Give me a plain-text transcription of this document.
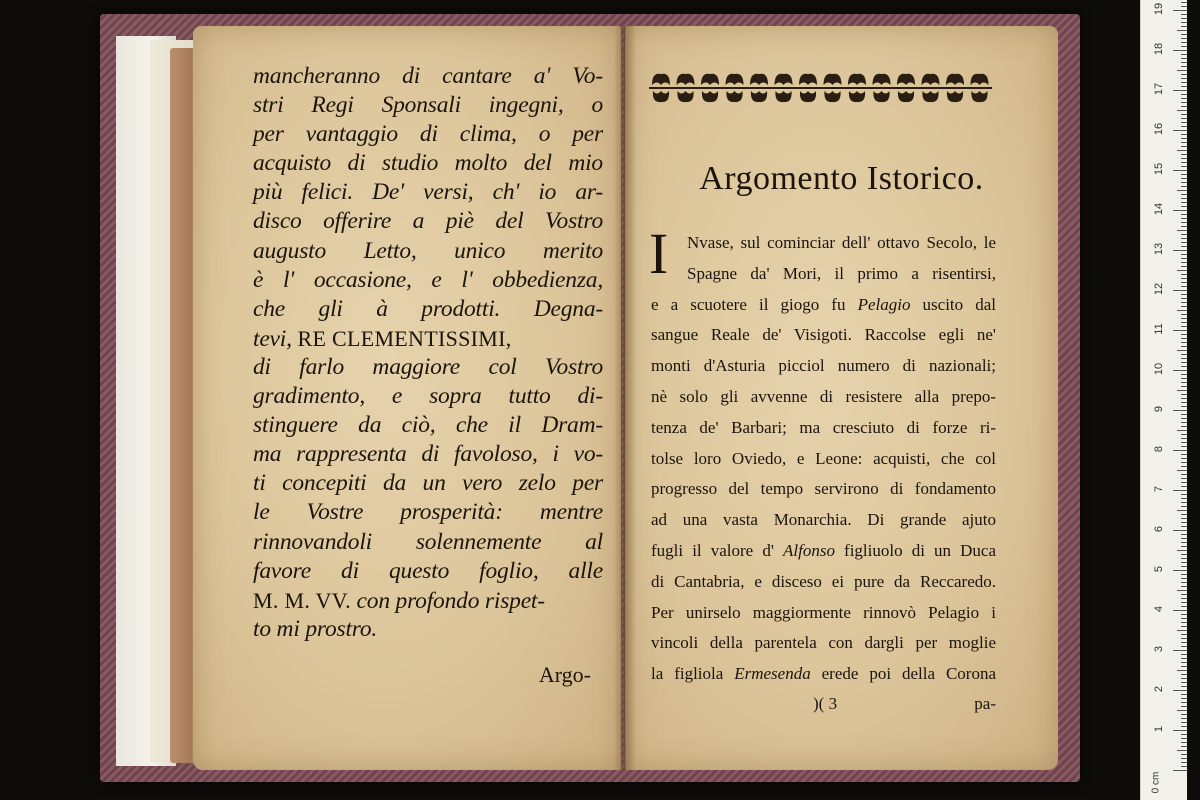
mancheranno di cantare a' Vo-
stri Regi Sponsali ingegni, o
per vantaggio di clima, o per
acquisto di studio molto del mio
più felici. De' versi, ch' io ar-
disco offerire a piè del Vostro
augusto Letto, unico merito
è l' occasione, e l' obbedienza,
che gli à prodotti. Degna-
tevi, RE CLEMENTISSIMI,
di farlo maggiore col Vostro
gradimento, e sopra tutto di-
stinguere da ciò, che il Dram-
ma rappresenta di favoloso, i vo-
ti concepiti da un vero zelo per
le Vostre prosperità: mentre
rinnovandoli solennemente al
favore di questo foglio, alle
M. M. VV. con profondo rispet-
to mi prostro.
Argo-
Argomento Istorico.
I	Nvase, sul cominciar dell' ottavo Secolo, le
Spagne da' Mori, il primo a risentirsi,
e a scuotere il giogo fu Pelagio uscito dal
sangue Reale de' Visigoti. Raccolse egli ne'
monti d'Asturia picciol numero di nazionali;
nè solo gli avvenne di resistere alla prepo-
tenza de' Barbari; ma cresciuto di forze ri-
tolse loro Oviedo, e Leone: acquisti, che col
progresso del tempo servirono di fondamento
ad una vasta Monarchia. Di grande ajuto
fugli il valore d' Alfonso figliuolo di un Duca
di Cantabria, e disceso ei pure da Reccaredo.
Per unirselo maggiormente rinnovò Pelagio i
vincoli della parentela con dargli per moglie
la figliola Ermesenda erede poi della Corona
)( 3	pa-
0 cm
1
2
3
4
5
6
7
8
9
10
11
12
13
14
15
16
17
18
19
